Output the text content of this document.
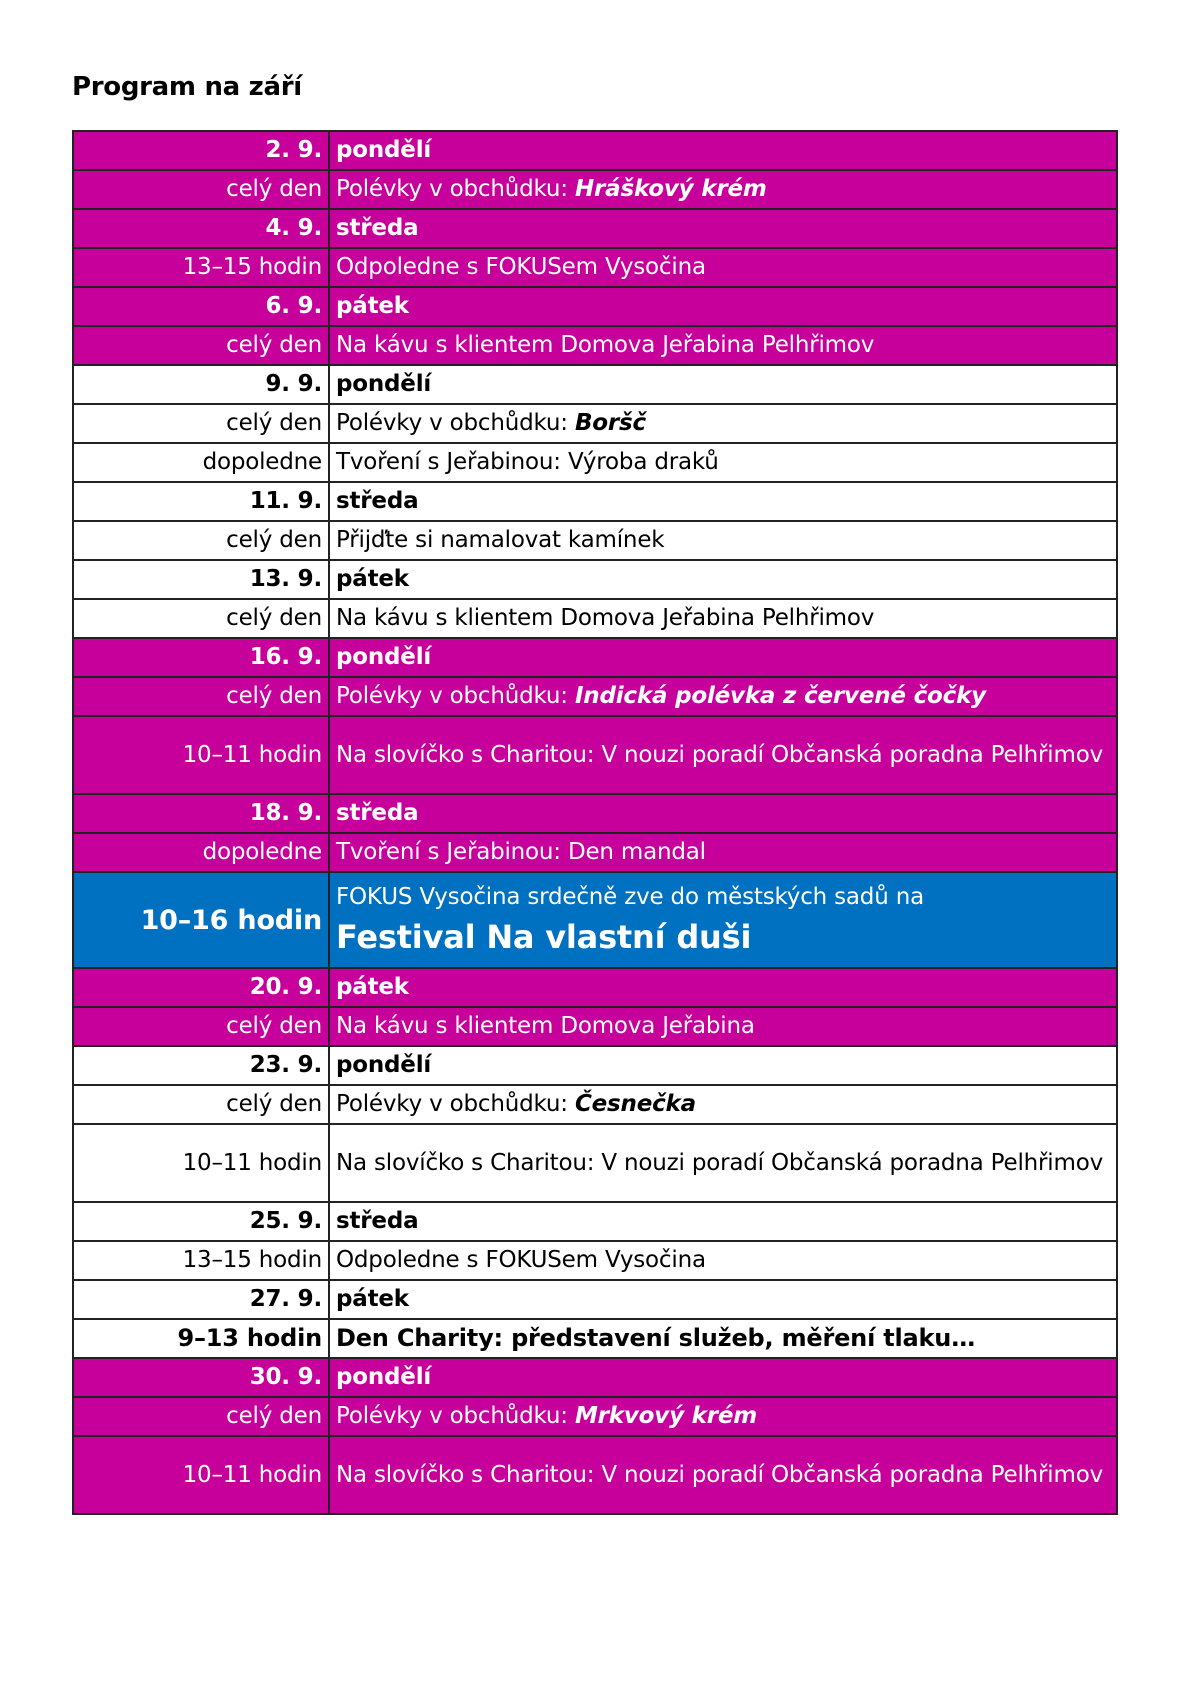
Program na září
2. 9.	pondělí
celý den	Polévky v obchůdku: Hráškový krém
4. 9.	středa
13–15 hodin	Odpoledne s FOKUSem Vysočina
6. 9.	pátek
celý den	Na kávu s klientem Domova Jeřabina Pelhřimov
9. 9.	pondělí
celý den	Polévky v obchůdku: Boršč
dopoledne	Tvoření s Jeřabinou: Výroba draků
11. 9.	středa
celý den	Přijďte si namalovat kamínek
13. 9.	pátek
celý den	Na kávu s klientem Domova Jeřabina Pelhřimov
16. 9.	pondělí
celý den	Polévky v obchůdku: Indická polévka z červené čočky
10–11 hodin	Na slovíčko s Charitou: V nouzi poradí Občanská poradna Pelhřimov
18. 9.	středa
dopoledne	Tvoření s Jeřabinou: Den mandal
10–16 hodin	FOKUS Vysočina srdečně zve do městských sadů na
Festival Na vlastní duši

20. 9.	pátek
celý den	Na kávu s klientem Domova Jeřabina
23. 9.	pondělí
celý den	Polévky v obchůdku: Česnečka
10–11 hodin	Na slovíčko s Charitou: V nouzi poradí Občanská poradna Pelhřimov
25. 9.	středa
13–15 hodin	Odpoledne s FOKUSem Vysočina
27. 9.	pátek
9–13 hodin	Den Charity: představení služeb, měření tlaku…
30. 9.	pondělí
celý den	Polévky v obchůdku: Mrkvový krém
10–11 hodin	Na slovíčko s Charitou: V nouzi poradí Občanská poradna Pelhřimov
